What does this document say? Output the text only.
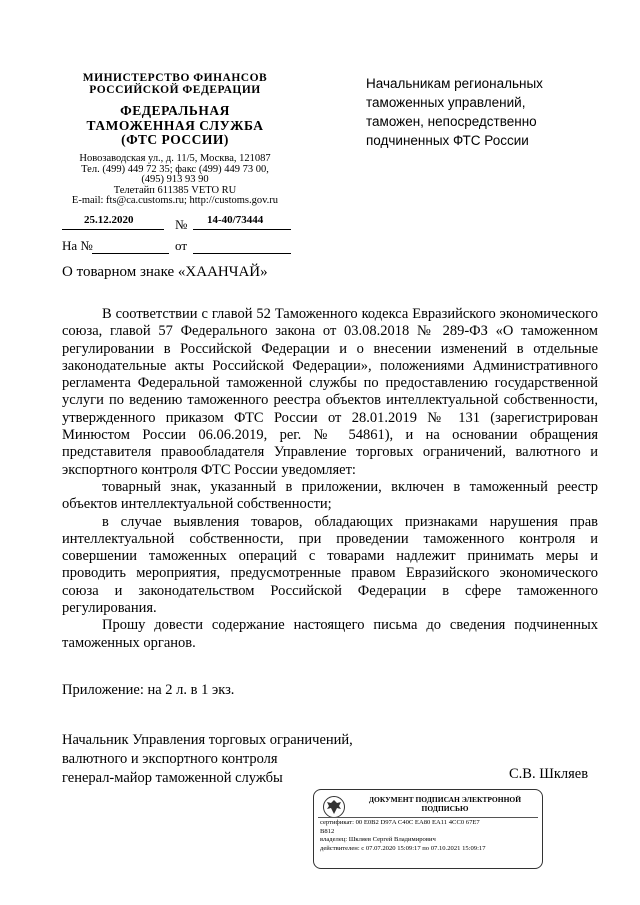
МИНИСТЕРСТВО ФИНАНСОВ
РОССИЙСКОЙ ФЕДЕРАЦИИ
ФЕДЕРАЛЬНАЯ
ТАМОЖЕННАЯ СЛУЖБА
(ФТС РОССИИ)
Новозаводская ул., д. 11/5, Москва, 121087
Тел. (499) 449 72 35; факс (499) 449 73 00,
(495) 913 93 90
Телетайп 611385 VETO RU
E-mail: fts@ca.customs.ru; http://customs.gov.ru
25.12.2020	№ 14-40/73444
На №	от
Начальникам региональных
таможенных управлений,
таможен, непосредственно
подчиненных ФТС России
О товарном знаке «ХААНЧАЙ»

В соответствии с главой 52 Таможенного кодекса Евразийского экономического союза, главой 57 Федерального закона от 03.08.2018 № 289-ФЗ «О таможенном регулировании в Российской Федерации и о внесении изменений в отдельные законодательные акты Российской Федерации», положениями Административного регламента Федеральной таможенной службы по предоставлению государственной услуги по ведению таможенного реестра объектов интеллектуальной собственности, утвержденного приказом ФТС России от 28.01.2019 № 131 (зарегистрирован Минюстом России 06.06.2019, рег. № 54861), и на основании обращения представителя правообладателя Управление торговых ограничений, валютного и экспортного контроля ФТС России уведомляет:

товарный знак, указанный в приложении, включен в таможенный реестр объектов интеллектуальной собственности;

в случае выявления товаров, обладающих признаками нарушения прав интеллектуальной собственности, при проведении таможенного контроля и совершении таможенных операций с товарами надлежит принимать меры и проводить мероприятия, предусмотренные правом Евразийского экономического союза и законодательством Российской Федерации в сфере таможенного регулирования.

Прошу довести содержание настоящего письма до сведения подчиненных таможенных органов.

Приложение: на 2 л. в 1 экз.
Начальник Управления торговых ограничений,
валютного и экспортного контроля
генерал-майор таможенной службы	С.В. Шкляев
ДОКУМЕНТ ПОДПИСАН ЭЛЕКТРОННОЙ
ПОДПИСЬЮ
сертификат: 00 E0B2 D97A C40C EA80 EA11 4CC0 67E7
B812
владелец: Шкляев Сергей Владимирович
действителен: с 07.07.2020 15:09:17 по 07.10.2021 15:09:17
